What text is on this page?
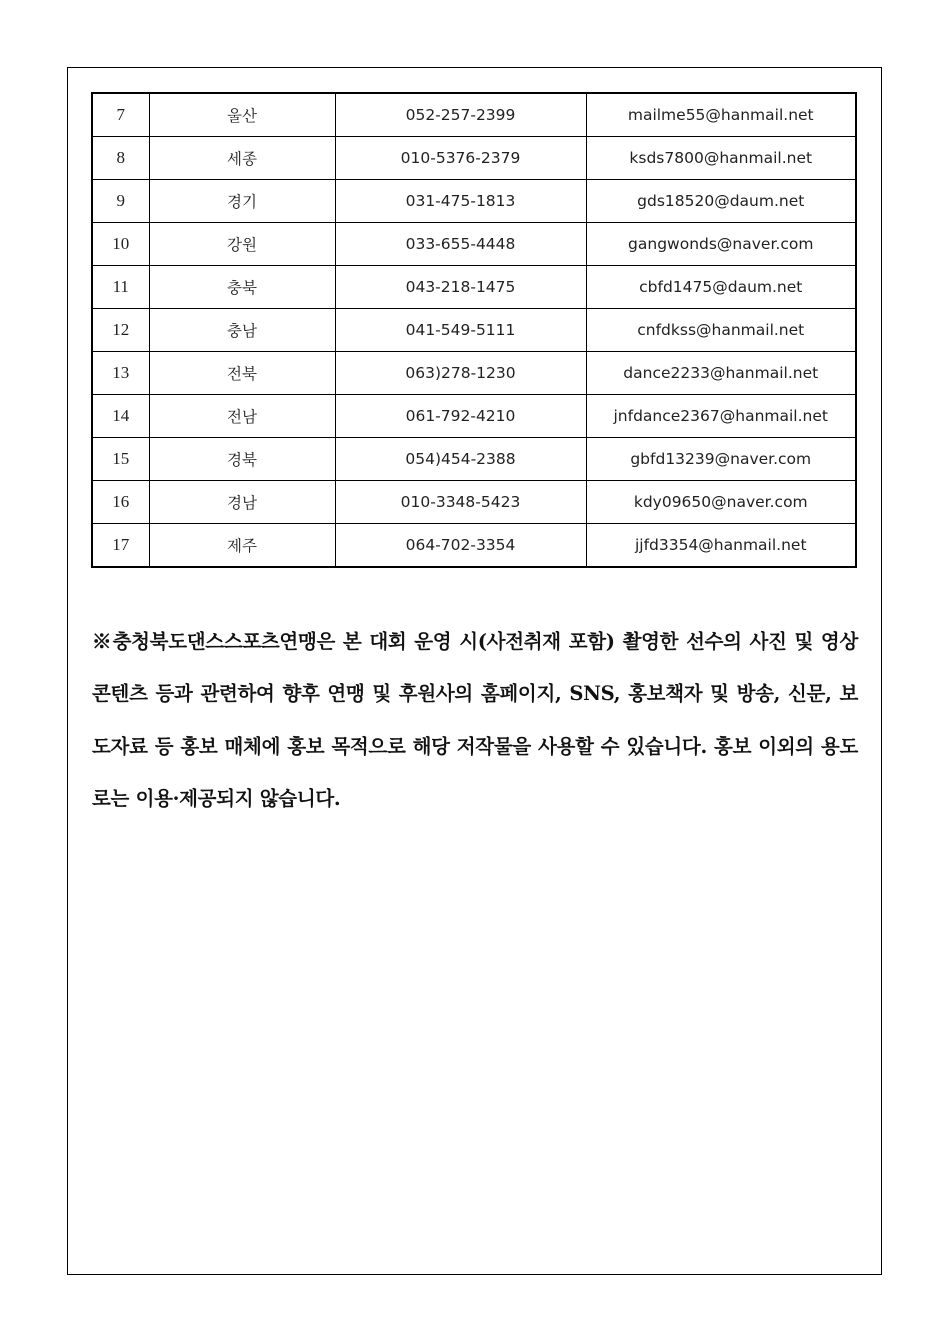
7	울산	052-257-2399	mailme55@hanmail.net
8	세종	010-5376-2379	ksds7800@hanmail.net
9	경기	031-475-1813	gds18520@daum.net
10	강원	033-655-4448	gangwonds@naver.com
11	충북	043-218-1475	cbfd1475@daum.net
12	충남	041-549-5111	cnfdkss@hanmail.net
13	전북	063)278-1230	dance2233@hanmail.net
14	전남	061-792-4210	jnfdance2367@hanmail.net
15	경북	054)454-2388	gbfd13239@naver.com
16	경남	010-3348-5423	kdy09650@naver.com
17	제주	064-702-3354	jjfd3354@hanmail.net

※충청북도댄스스포츠연맹은 본 대회 운영 시(사전취재 포함) 촬영한 선수의 사진 및 영상 콘텐츠 등과 관련하여 향후 연맹 및 후원사의 홈페이지, SNS, 홍보책자 및 방송, 신문, 보도자료 등 홍보 매체에 홍보 목적으로 해당 저작물을 사용할 수 있습니다. 홍보 이외의 용도로는 이용·제공되지 않습니다.
